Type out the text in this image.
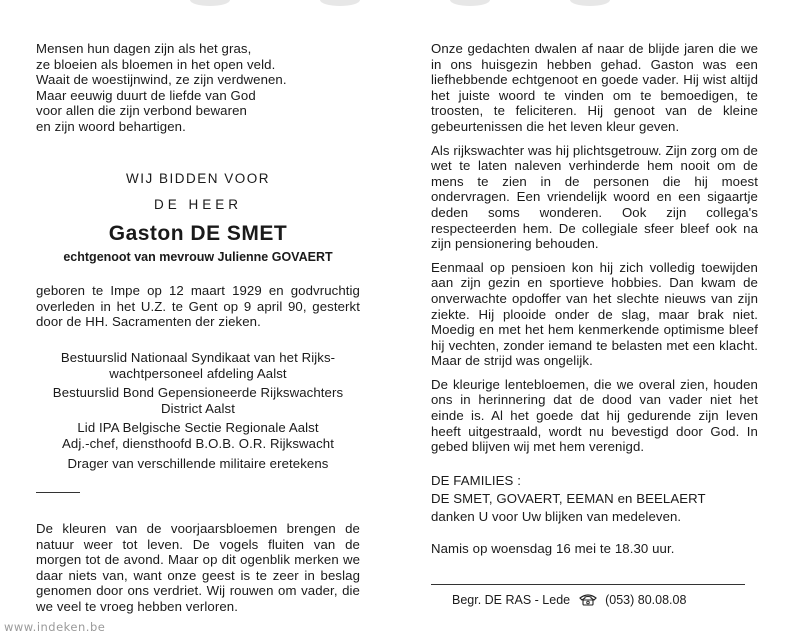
Mensen hun dagen zijn als het gras,

ze bloeien als bloemen in het open veld.

Waait de woestijnwind, ze zijn verdwenen.

Maar eeuwig duurt de liefde van God

voor allen die zijn verbond bewaren

en zijn woord behartigen.

WIJ BIDDEN VOOR
DE HEER
Gaston DE SMET
echtgenoot van mevrouw Julienne GOVAERT

geboren te Impe op 12 maart 1929 en godvruchtig overleden in het U.Z. te Gent op 9 april 90, gesterkt door de HH. Sacramenten der zieken.

Bestuurslid Nationaal Syndikaat van het Rijks-

wachtpersoneel afdeling Aalst

Bestuurslid Bond Gepensioneerde Rijkswachters

District Aalst

Lid IPA Belgische Sectie Regionale Aalst

Adj.-chef, diensthoofd B.O.B. O.R. Rijkswacht

Drager van verschillende militaire eretekens

De kleuren van de voorjaarsbloemen brengen de natuur weer tot leven. De vogels fluiten van de morgen tot de avond. Maar op dit ogenblik merken we daar niets van, want onze geest is te zeer in beslag genomen door ons verdriet. Wij rouwen om vader, die we veel te vroeg hebben verloren.

Onze gedachten dwalen af naar de blijde jaren die we in ons huisgezin hebben gehad. Gaston was een liefhebbende echtgenoot en goede vader. Hij wist altijd het juiste woord te vinden om te bemoedigen, te troosten, te feliciteren. Hij genoot van de kleine gebeurtenissen die het leven kleur geven.

Als rijkswachter was hij plichtsgetrouw. Zijn zorg om de wet te laten naleven verhinderde hem nooit om de mens te zien in de personen die hij moest ondervragen. Een vriendelijk woord en een sigaartje deden soms wonderen. Ook zijn collega's respecteerden hem. De collegiale sfeer bleef ook na zijn pensionering behouden.

Eenmaal op pensioen kon hij zich volledig toewijden aan zijn gezin en sportieve hobbies. Dan kwam de onverwachte opdoffer van het slechte nieuws van zijn ziekte. Hij plooide onder de slag, maar brak niet. Moedig en met het hem kenmerkende optimisme bleef hij vechten, zonder iemand te belasten met een klacht. Maar de strijd was ongelijk.

De kleurige lentebloemen, die we overal zien, houden ons in herinnering dat de dood van vader niet het einde is. Al het goede dat hij gedurende zijn leven heeft uitgestraald, wordt nu bevestigd door God. In gebed blijven wij met hem verenigd.

DE FAMILIES :

DE SMET, GOVAERT, EEMAN en BEELAERT

danken U voor Uw blijken van medeleven.

Namis op woensdag 16 mei te 18.30 uur.
Begr. DE RAS - Lede	(053) 80.08.08
www.indeken.be
